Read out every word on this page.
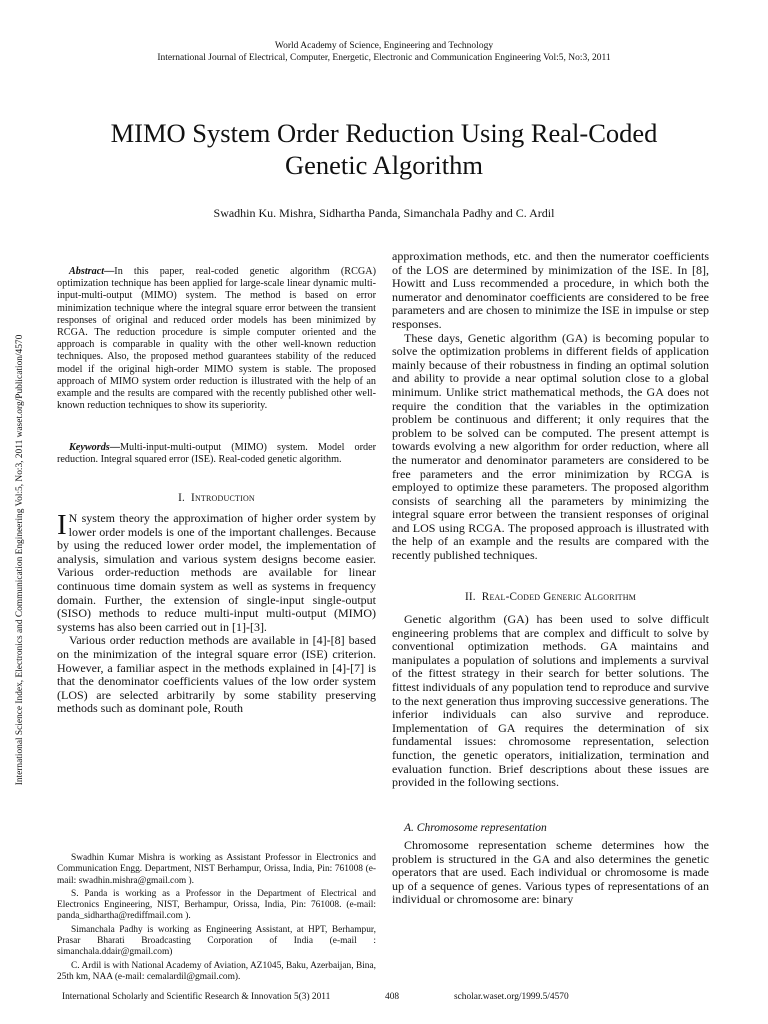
World Academy of Science, Engineering and Technology
International Journal of Electrical, Computer, Energetic, Electronic and Communication Engineering Vol:5, No:3, 2011
MIMO System Order Reduction Using Real-Coded Genetic Algorithm
Swadhin Ku. Mishra, Sidhartha Panda, Simanchala Padhy and C. Ardil
International Science Index, Electronics and Communication Engineering Vol:5, No:3, 2011 waset.org/Publication/4570

Abstract—In this paper, real-coded genetic algorithm (RCGA) optimization technique has been applied for large-scale linear dynamic multi-input-multi-output (MIMO) system. The method is based on error minimization technique where the integral square error between the transient responses of original and reduced order models has been minimized by RCGA. The reduction procedure is simple computer oriented and the approach is comparable in quality with the other well-known reduction techniques. Also, the proposed method guarantees stability of the reduced model if the original high-order MIMO system is stable. The proposed approach of MIMO system order reduction is illustrated with the help of an example and the results are compared with the recently published other well-known reduction techniques to show its superiority.

Keywords—Multi-input-multi-output (MIMO) system. Model order reduction. Integral squared error (ISE). Real-coded genetic algorithm.

I. Introduction

I N system theory the approximation of higher order system by lower order models is one of the important challenges. Because by using the reduced lower order model, the implementation of analysis, simulation and various system designs become easier. Various order-reduction methods are available for linear continuous time domain system as well as systems in frequency domain. Further, the extension of single-input single-output (SISO) methods to reduce multi-input multi-output (MIMO) systems has also been carried out in [1]-[3].

Various order reduction methods are available in [4]-[8] based on the minimization of the integral square error (ISE) criterion. However, a familiar aspect in the methods explained in [4]-[7] is that the denominator coefficients values of the low order system (LOS) are selected arbitrarily by some stability preserving methods such as dominant pole, Routh

Swadhin Kumar Mishra is working as Assistant Professor in Electronics and Communication Engg. Department, NIST Berhampur, Orissa, India, Pin: 761008 (e-mail: swadhin.mishra@gmail.com ).

S. Panda is working as a Professor in the Department of Electrical and Electronics Engineering, NIST, Berhampur, Orissa, India, Pin: 761008. (e-mail: panda_sidhartha@rediffmail.com ).

Simanchala Padhy is working as Engineering Assistant, at HPT, Berhampur, Prasar Bharati Broadcasting Corporation of India (e-mail : simanchala.ddair@gmail.com)

C. Ardil is with National Academy of Aviation, AZ1045, Baku, Azerbaijan, Bina, 25th km, NAA (e-mail: cemalardil@gmail.com).

approximation methods, etc. and then the numerator coefficients of the LOS are determined by minimization of the ISE. In [8], Howitt and Luss recommended a procedure, in which both the numerator and denominator coefficients are considered to be free parameters and are chosen to minimize the ISE in impulse or step responses.

These days, Genetic algorithm (GA) is becoming popular to solve the optimization problems in different fields of application mainly because of their robustness in finding an optimal solution and ability to provide a near optimal solution close to a global minimum. Unlike strict mathematical methods, the GA does not require the condition that the variables in the optimization problem be continuous and different; it only requires that the problem to be solved can be computed. The present attempt is towards evolving a new algorithm for order reduction, where all the numerator and denominator parameters are considered to be free parameters and the error minimization by RCGA is employed to optimize these parameters. The proposed algorithm consists of searching all the parameters by minimizing the integral square error between the transient responses of original and LOS using RCGA. The proposed approach is illustrated with the help of an example and the results are compared with the recently published techniques.

II. Real-Coded Generic Algorithm

Genetic algorithm (GA) has been used to solve difficult engineering problems that are complex and difficult to solve by conventional optimization methods. GA maintains and manipulates a population of solutions and implements a survival of the fittest strategy in their search for better solutions. The fittest individuals of any population tend to reproduce and survive to the next generation thus improving successive generations. The inferior individuals can also survive and reproduce. Implementation of GA requires the determination of six fundamental issues: chromosome representation, selection function, the genetic operators, initialization, termination and evaluation function. Brief descriptions about these issues are provided in the following sections.

A. Chromosome representation

Chromosome representation scheme determines how the problem is structured in the GA and also determines the genetic operators that are used. Each individual or chromosome is made up of a sequence of genes. Various types of representations of an individual or chromosome are: binary

International Scholarly and Scientific Research & Innovation 5(3) 2011	408	scholar.waset.org/1999.5/4570
